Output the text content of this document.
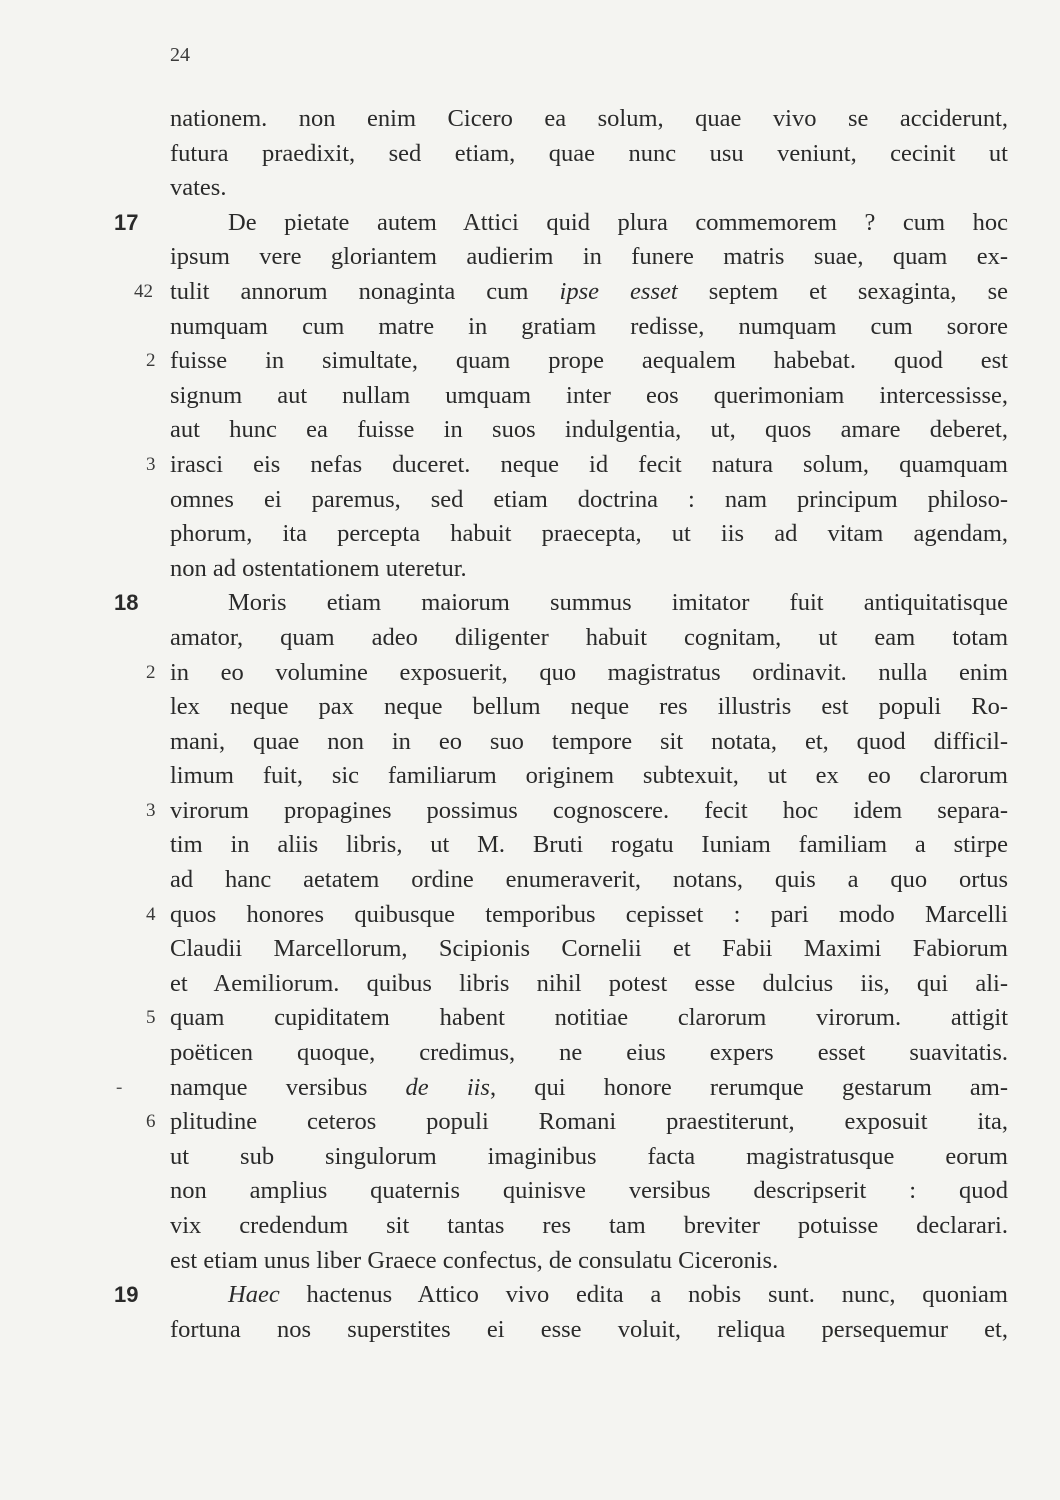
24
nationem. non enim Cicero ea solum, quae vivo se acciderunt,
futura praedixit, sed etiam, quae nunc usu veniunt, cecinit ut
vates.
17	De pietate autem Attici quid plura commemorem ? cum hoc
ipsum vere gloriantem audierim in funere matris suae, quam ex-
42 tulit annorum nonaginta cum ipse esset septem et sexaginta, se
numquam cum matre in gratiam redisse, numquam cum sorore
2 fuisse in simultate, quam prope aequalem habebat. quod est
signum aut nullam umquam inter eos querimoniam intercessisse,
aut hunc ea fuisse in suos indulgentia, ut, quos amare deberet,
3 irasci eis nefas duceret. neque id fecit natura solum, quamquam
omnes ei paremus, sed etiam doctrina : nam principum philoso-
phorum, ita percepta habuit praecepta, ut iis ad vitam agendam,
non ad ostentationem uteretur.
18	Moris etiam maiorum summus imitator fuit antiquitatisque
amator, quam adeo diligenter habuit cognitam, ut eam totam
2 in eo volumine exposuerit, quo magistratus ordinavit. nulla enim
lex neque pax neque bellum neque res illustris est populi Ro-
mani, quae non in eo suo tempore sit notata, et, quod difficil-
limum fuit, sic familiarum originem subtexuit, ut ex eo clarorum
3 virorum propagines possimus cognoscere. fecit hoc idem separa-
tim in aliis libris, ut M. Bruti rogatu Iuniam familiam a stirpe
ad hanc aetatem ordine enumeraverit, notans, quis a quo ortus
4 quos honores quibusque temporibus cepisset : pari modo Marcelli
Claudii Marcellorum, Scipionis Cornelii et Fabii Maximi Fabiorum
et Aemiliorum. quibus libris nihil potest esse dulcius iis, qui ali-
5 quam cupiditatem habent notitiae clarorum virorum. attigit
poëticen quoque, credimus, ne eius expers esset suavitatis.
- namque versibus de iis, qui honore rerumque gestarum am-
6 plitudine ceteros populi Romani praestiterunt, exposuit ita,
ut sub singulorum imaginibus facta magistratusque eorum
non amplius quaternis quinisve versibus descripserit : quod
vix credendum sit tantas res tam breviter potuisse declarari.
est etiam unus liber Graece confectus, de consulatu Ciceronis.
19	Haec hactenus Attico vivo edita a nobis sunt. nunc, quoniam
fortuna nos superstites ei esse voluit, reliqua persequemur et,
